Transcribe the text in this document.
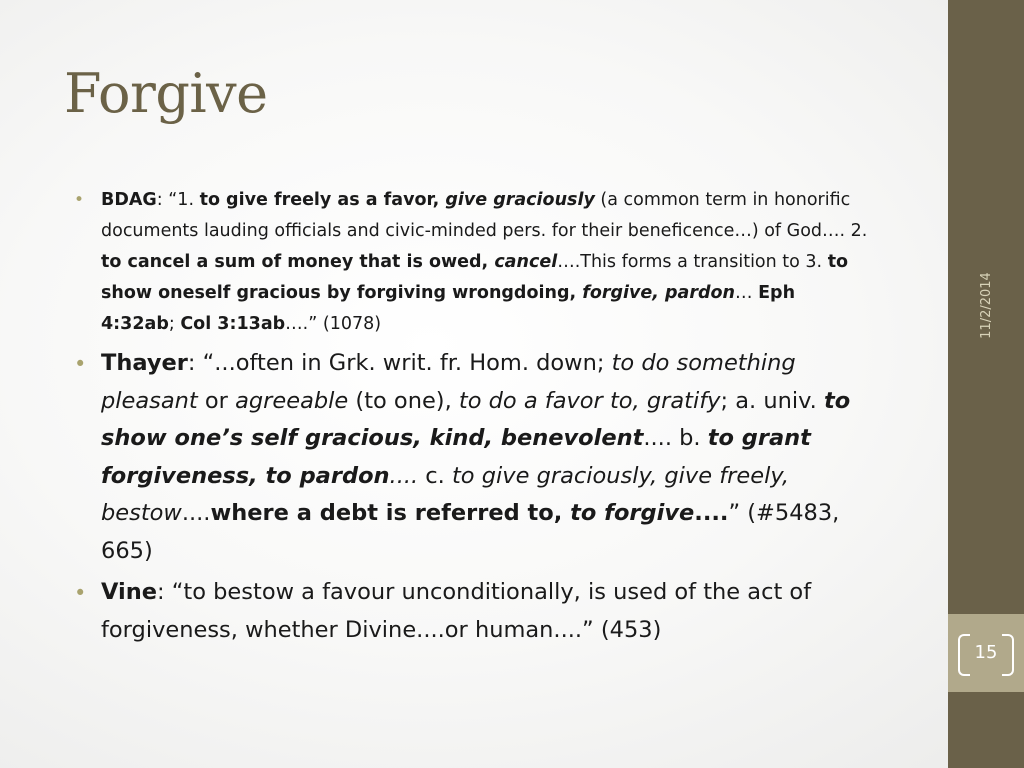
Forgive
• BDAG: “1. to give freely as a favor, give graciously (a common term in honorific documents lauding officials and civic-minded pers. for their beneficence…) of God…. 2. to cancel a sum of money that is owed, cancel….This forms a transition to 3. to show oneself gracious by forgiving wrongdoing, forgive, pardon… Eph 4:32ab; Col 3:13ab….” (1078)
• Thayer: “...often in Grk. writ. fr. Hom. down; to do something pleasant or agreeable (to one), to do a favor to, gratify; a. univ. to show one’s self gracious, kind, benevolent.... b. to grant forgiveness, to pardon.... c. to give graciously, give freely, bestow....where a debt is referred to, to forgive....” (#5483, 665)
• Vine: “to bestow a favour unconditionally, is used of the act of forgiveness, whether Divine....or human....” (453)
11/2/2014
15
